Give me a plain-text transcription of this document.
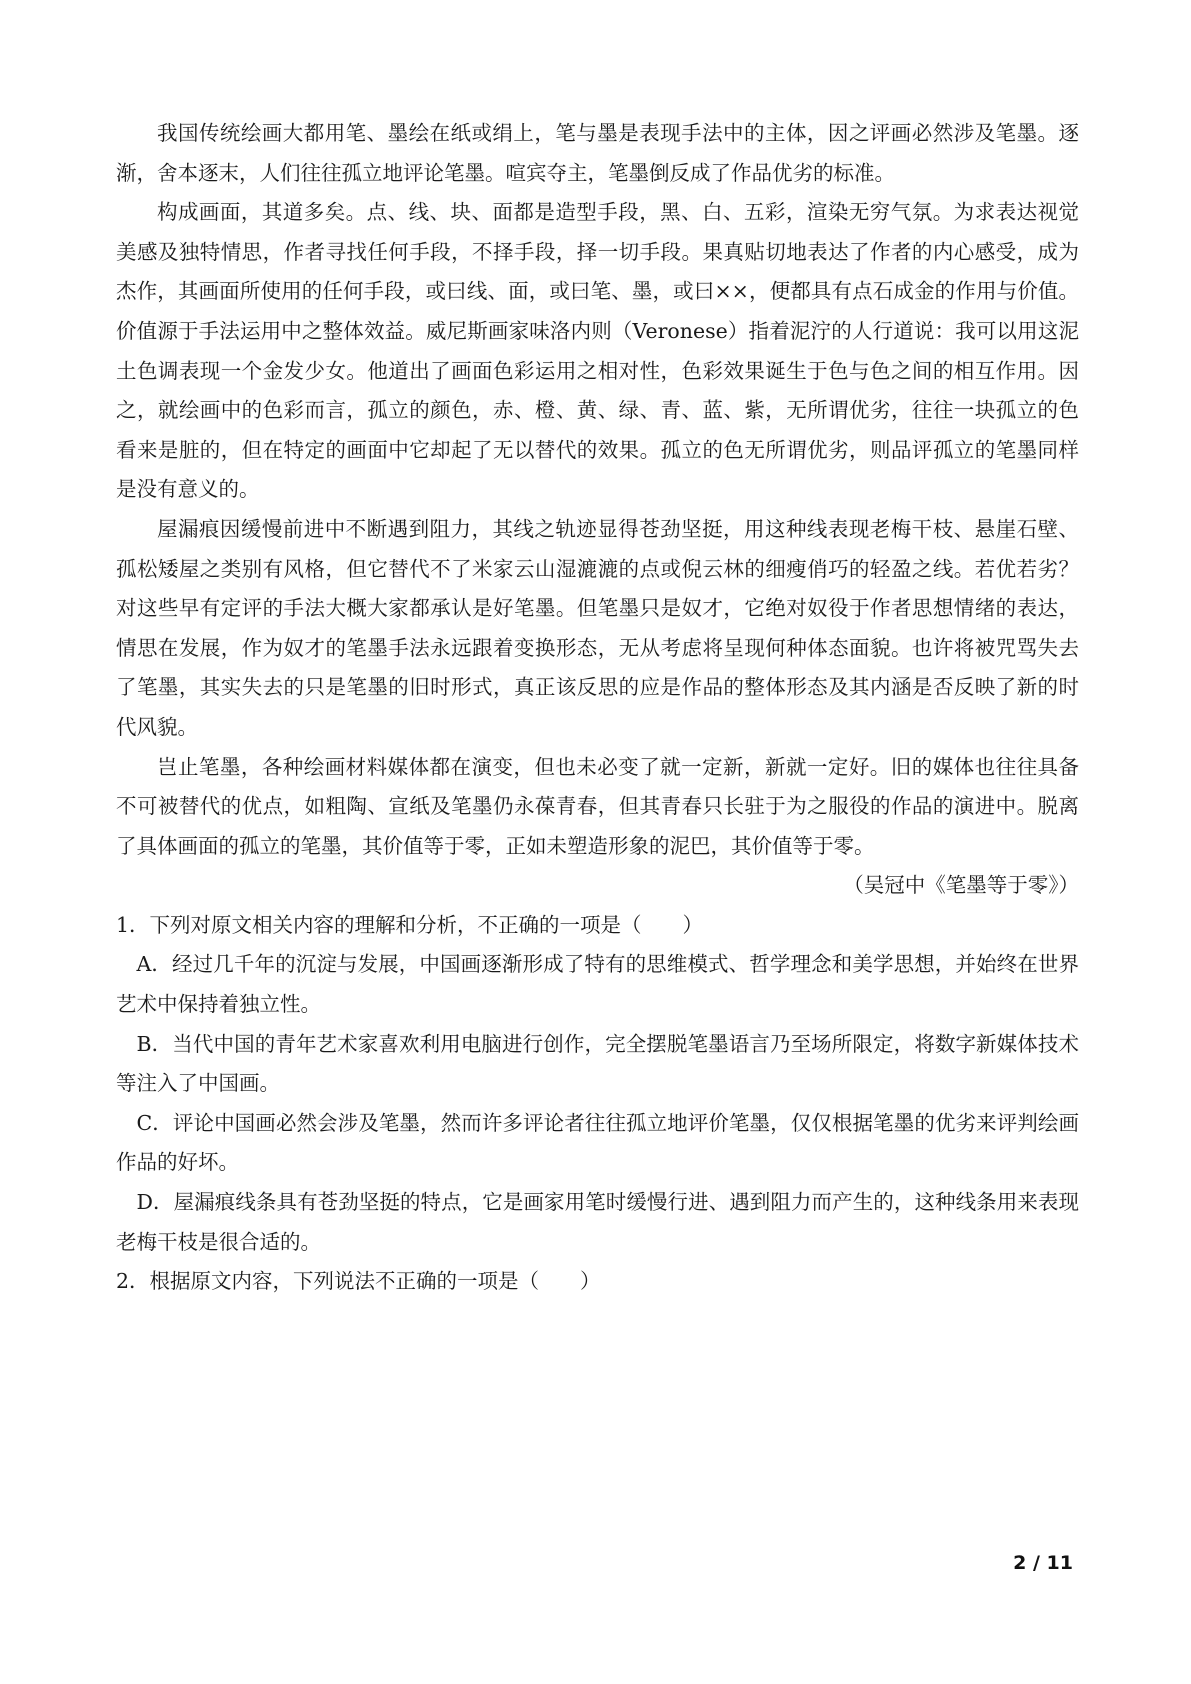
我国传统绘画大都用笔、墨绘在纸或绢上，笔与墨是表现手法中的主体，因之评画必然涉及笔墨。逐渐，舍本逐末，人们往往孤立地评论笔墨。喧宾夺主，笔墨倒反成了作品优劣的标准。

构成画面，其道多矣。点、线、块、面都是造型手段，黑、白、五彩，渲染无穷气氛。为求表达视觉美感及独特情思，作者寻找任何手段，不择手段，择一切手段。果真贴切地表达了作者的内心感受，成为杰作，其画面所使用的任何手段，或曰线、面，或曰笔、墨，或曰××，便都具有点石成金的作用与价值。价值源于手法运用中之整体效益。威尼斯画家味洛内则（Veronese）指着泥泞的人行道说：我可以用这泥土色调表现一个金发少女。他道出了画面色彩运用之相对性，色彩效果诞生于色与色之间的相互作用。因之，就绘画中的色彩而言，孤立的颜色，赤、橙、黄、绿、青、蓝、紫，无所谓优劣，往往一块孤立的色看来是脏的，但在特定的画面中它却起了无以替代的效果。孤立的色无所谓优劣，则品评孤立的笔墨同样是没有意义的。

屋漏痕因缓慢前进中不断遇到阻力，其线之轨迹显得苍劲坚挺，用这种线表现老梅干枝、悬崖石壁、孤松矮屋之类别有风格，但它替代不了米家云山湿漉漉的点或倪云林的细瘦俏巧的轻盈之线。若优若劣？对这些早有定评的手法大概大家都承认是好笔墨。但笔墨只是奴才，它绝对奴役于作者思想情绪的表达，情思在发展，作为奴才的笔墨手法永远跟着变换形态，无从考虑将呈现何种体态面貌。也许将被咒骂失去了笔墨，其实失去的只是笔墨的旧时形式，真正该反思的应是作品的整体形态及其内涵是否反映了新的时代风貌。

岂止笔墨，各种绘画材料媒体都在演变，但也未必变了就一定新，新就一定好。旧的媒体也往往具备不可被替代的优点，如粗陶、宣纸及笔墨仍永葆青春，但其青春只长驻于为之服役的作品的演进中。脱离了具体画面的孤立的笔墨，其价值等于零，正如未塑造形象的泥巴，其价值等于零。

（吴冠中《笔墨等于零》）

1．下列对原文相关内容的理解和分析，不正确的一项是（　　）

A．经过几千年的沉淀与发展，中国画逐渐形成了特有的思维模式、哲学理念和美学思想，并始终在世界艺术中保持着独立性。

B．当代中国的青年艺术家喜欢利用电脑进行创作，完全摆脱笔墨语言乃至场所限定，将数字新媒体技术等注入了中国画。

C．评论中国画必然会涉及笔墨，然而许多评论者往往孤立地评价笔墨，仅仅根据笔墨的优劣来评判绘画作品的好坏。

D．屋漏痕线条具有苍劲坚挺的特点，它是画家用笔时缓慢行进、遇到阻力而产生的，这种线条用来表现老梅干枝是很合适的。

2．根据原文内容，下列说法不正确的一项是（　　）

2 / 11
